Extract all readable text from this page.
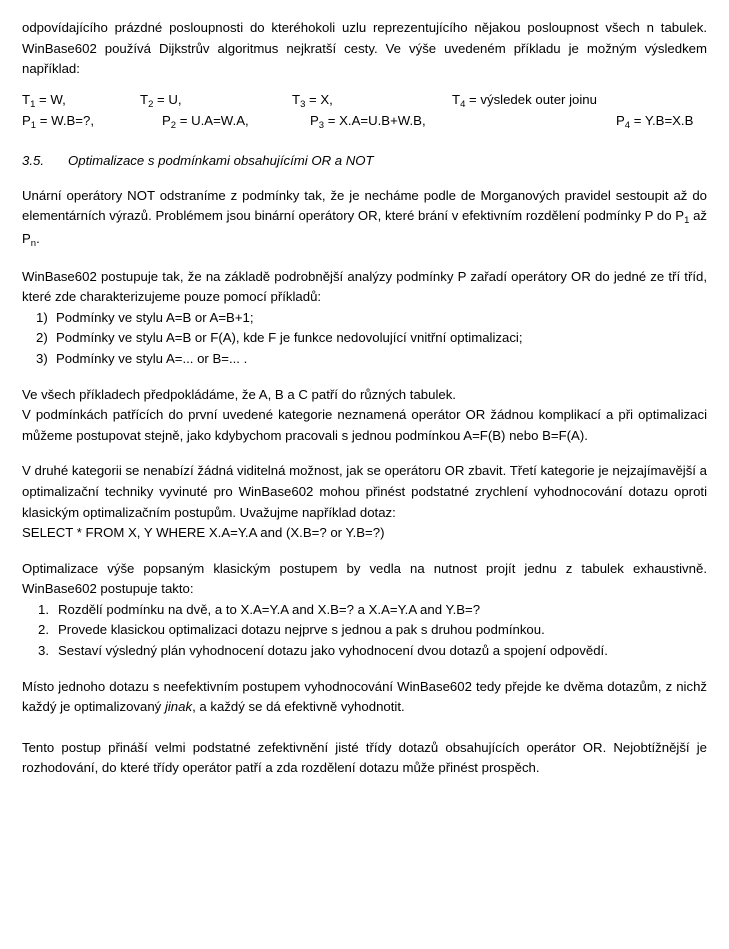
odpovídajícího prázdné posloupnosti do kteréhokoli uzlu reprezentujícího nějakou posloupnost všech n tabulek. WinBase602 používá Dijkstrův algoritmus nejkratší cesty. Ve výše uvedeném příkladu je možným výsledkem například:

$T_1 = W$,	$T_2 = U$,	$T_3 = X$,	$T_4$ = výsledek outer joinu
$P_1 = W.B=$?,	$P_2 = U.A=W.A$,	$P_3 = X.A=U.B+W.B$,	$P_4 = Y.B=X.B$
3.5. Optimalizace s podmínkami obsahujícími OR a NOT

Unární operátory NOT odstraníme z podmínky tak, že je necháme podle de Morganových pravidel sestoupit až do elementárních výrazů. Problémem jsou binární operátory OR, které brání v efektivním rozdělení podmínky P do $P_1$ až $P_n$.

WinBase602 postupuje tak, že na základě podrobnější analýzy podmínky P zařadí operátory OR do jedné ze tří tříd, které zde charakterizujeme pouze pomocí příkladů:

1) Podmínky ve stylu A=B or A=B+1;
2) Podmínky ve stylu A=B or F(A), kde F je funkce nedovolující vnitřní optimalizaci;
3) Podmínky ve stylu A=... or B=... .
Ve všech příkladech předpokládáme, že A, B a C patří do různých tabulek.

V podmínkách patřících do první uvedené kategorie neznamená operátor OR žádnou komplikací a při optimalizaci můžeme postupovat stejně, jako kdybychom pracovali s jednou podmínkou A=F(B) nebo B=F(A).

V druhé kategorii se nenabízí žádná viditelná možnost, jak se operátoru OR zbavit. Třetí kategorie je nejzajímavější a optimalizační techniky vyvinuté pro WinBase602 mohou přinést podstatné zrychlení vyhodnocování dotazu oproti klasickým optimalizačním postupům. Uvažujme například dotaz:

SELECT * FROM X, Y WHERE X.A=Y.A and (X.B=? or Y.B=?)

Optimalizace výše popsaným klasickým postupem by vedla na nutnost projít jednu z tabulek exhaustivně. WinBase602 postupuje takto:

1. Rozdělí podmínku na dvě, a to X.A=Y.A and X.B=? a X.A=Y.A and Y.B=?
2. Provede klasickou optimalizaci dotazu nejprve s jednou a pak s druhou podmínkou.
3. Sestaví výsledný plán vyhodnocení dotazu jako vyhodnocení dvou dotazů a spojení odpovědí.

Místo jednoho dotazu s neefektivním postupem vyhodnocování WinBase602 tedy přejde ke dvěma dotazům, z nichž každý je optimalizovaný jinak, a každý se dá efektivně vyhodnotit.

Tento postup přináší velmi podstatné zefektivnění jisté třídy dotazů obsahujících operátor OR. Nejobtížnější je rozhodování, do které třídy operátor patří a zda rozdělení dotazu může přinést prospěch.
